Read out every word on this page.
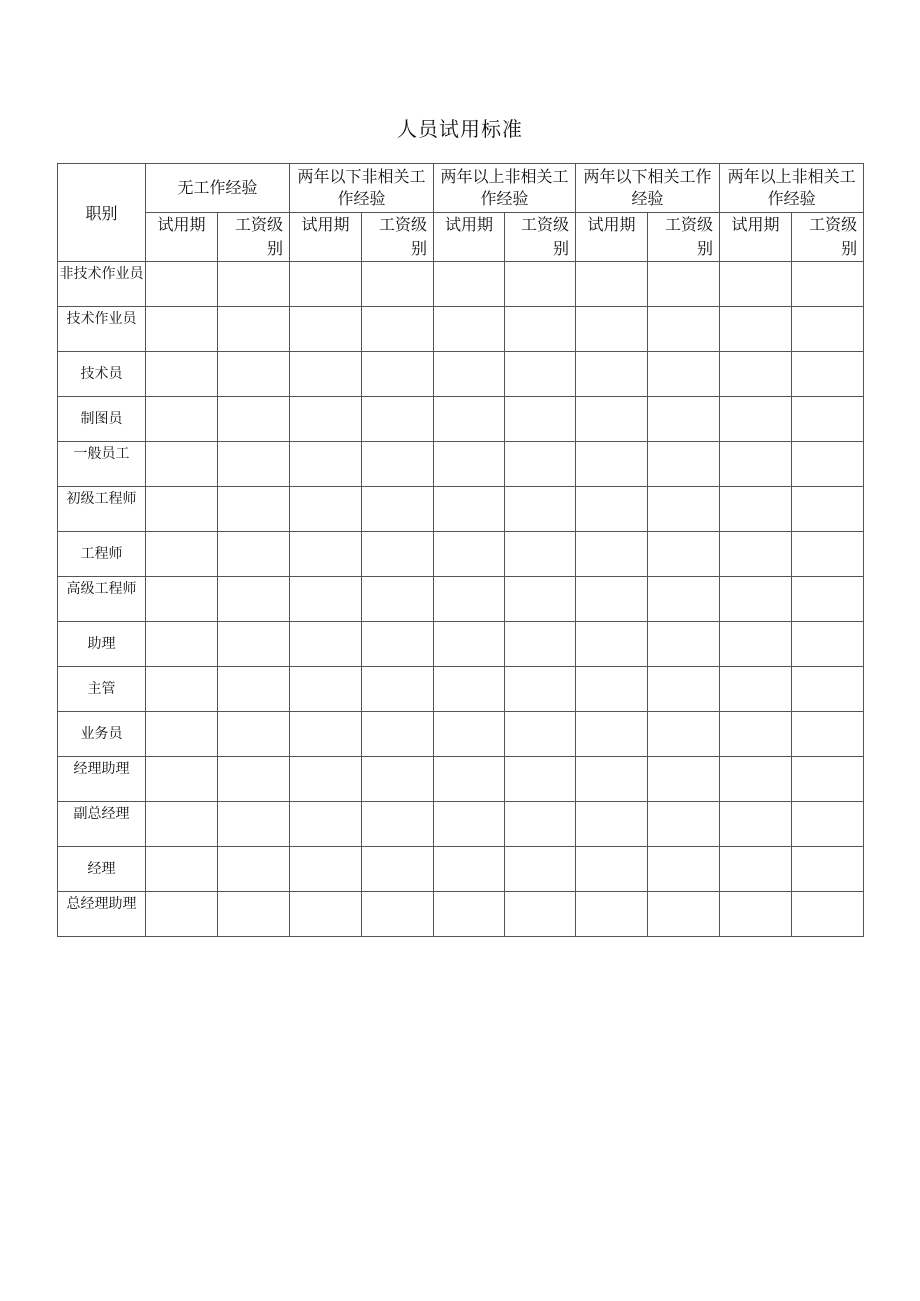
人员试用标准
职别	无工作经验		两年以下非相关工作经验		两年以上非相关工作经验		两年以下相关工作经验		两年以上非相关工作经验	
	试用期	工资级别	试用期	工资级别	试用期	工资级别	试用期	工资级别	试用期	工资级别
非技术作业员										
技术作业员										
技术员										
制图员										
一般员工										
初级工程师										
工程师										
高级工程师										
助理										
主管										
业务员										
经理助理										
副总经理										
经理										
总经理助理										
